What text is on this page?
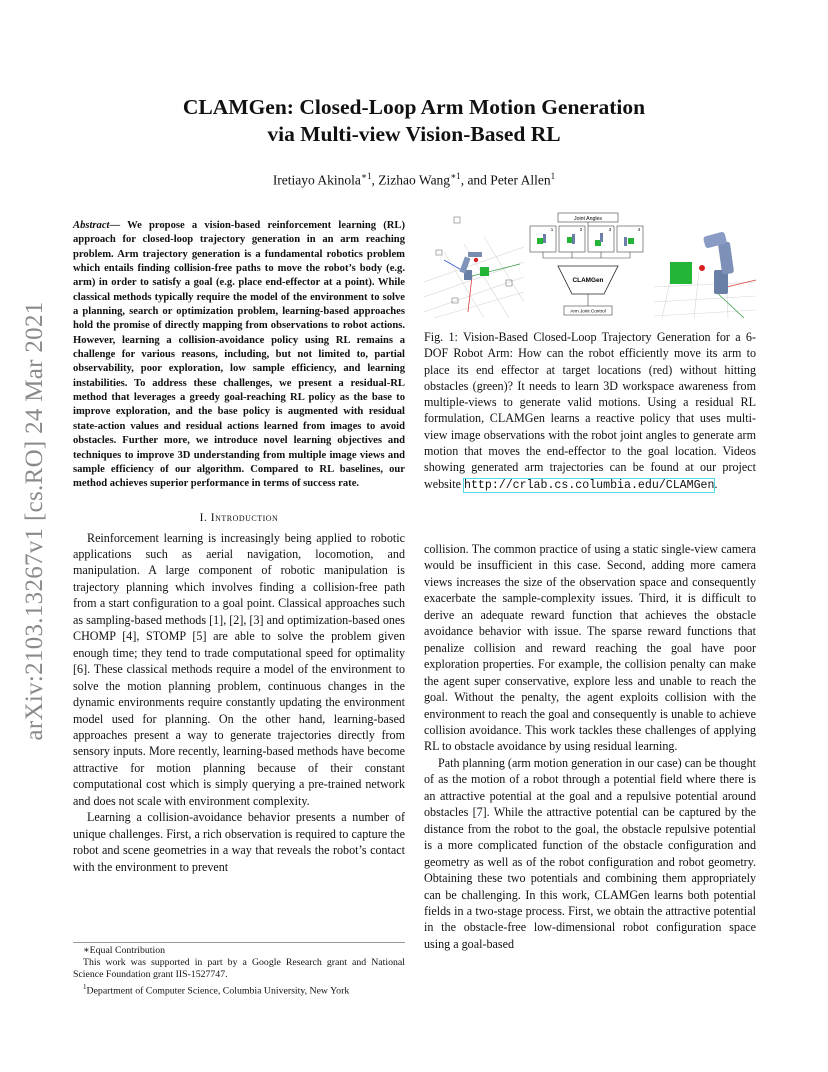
arXiv:2103.13267v1 [cs.RO] 24 Mar 2021
CLAMGen: Closed-Loop Arm Motion Generation
via Multi-view Vision-Based RL
Iretiayo Akinola$^{∗1}$, Zizhao Wang$^{∗1}$, and Peter Allen$^1$
Abstract— We propose a vision-based reinforcement learning (RL) approach for closed-loop trajectory generation in an arm reaching problem. Arm trajectory generation is a fundamental robotics problem which entails finding collision-free paths to move the robot’s body (e.g. arm) in order to satisfy a goal (e.g. place end-effector at a point). While classical methods typically require the model of the environment to solve a planning, search or optimization problem, learning-based approaches hold the promise of directly mapping from observations to robot actions. However, learning a collision-avoidance policy using RL remains a challenge for various reasons, including, but not limited to, partial observability, poor exploration, low sample efficiency, and learning instabilities. To address these challenges, we present a residual-RL method that leverages a greedy goal-reaching RL policy as the base to improve exploration, and the base policy is augmented with residual state-action values and residual actions learned from images to avoid obstacles. Further more, we introduce novel learning objectives and techniques to improve 3D understanding from multiple image views and sample efficiency of our algorithm. Compared to RL baselines, our method achieves superior performance in terms of success rate.
I. Introduction

Reinforcement learning is increasingly being applied to robotic applications such as aerial navigation, locomotion, and manipulation. A large component of robotic manipulation is trajectory planning which involves finding a collision-free path from a start configuration to a goal point. Classical approaches such as sampling-based methods [1], [2], [3] and optimization-based ones CHOMP [4], STOMP [5] are able to solve the problem given enough time; they tend to trade computational speed for optimality [6]. These classical methods require a model of the environment to solve the motion planning problem, continuous changes in the dynamic environments require constantly updating the environment model used for planning. On the other hand, learning-based approaches present a way to generate trajectories directly from sensory inputs. More recently, learning-based methods have become attractive for motion planning because of their constant computational cost which is simply querying a pre-trained network and does not scale with environment complexity.

Learning a collision-avoidance behavior presents a number of unique challenges. First, a rich observation is required to capture the robot and scene geometries in a way that reveals the robot’s contact with the environment to prevent

∗Equal Contribution

This work was supported in part by a Google Research grant and National Science Foundation grant IIS-1527747.

$^1$Department of Computer Science, Columbia University, New York

Joint Angles
1	2	3	4
CLAMGen
Arm Joint Control
Fig. 1: Vision-Based Closed-Loop Trajectory Generation for a 6-DOF Robot Arm: How can the robot efficiently move its arm to place its end effector at target locations (red) without hitting obstacles (green)? It needs to learn 3D workspace awareness from multiple-views to generate valid motions. Using a residual RL formulation, CLAMGen learns a reactive policy that uses multi-view image observations with the robot joint angles to generate arm motion that moves the end-effector to the goal location. Videos showing generated arm trajectories can be found at our project website http://crlab.cs.columbia.edu/CLAMGen.

collision. The common practice of using a static single-view camera would be insufficient in this case. Second, adding more camera views increases the size of the observation space and consequently exacerbate the sample-complexity issues. Third, it is difficult to derive an adequate reward function that achieves the obstacle avoidance behavior with issue. The sparse reward functions that penalize collision and reward reaching the goal have poor exploration properties. For example, the collision penalty can make the agent super conservative, explore less and unable to reach the goal. Without the penalty, the agent exploits collision with the environment to reach the goal and consequently is unable to achieve collision avoidance. This work tackles these challenges of applying RL to obstacle avoidance by using residual learning.

Path planning (arm motion generation in our case) can be thought of as the motion of a robot through a potential field where there is an attractive potential at the goal and a repulsive potential around obstacles [7]. While the attractive potential can be captured by the distance from the robot to the goal, the obstacle repulsive potential is a more complicated function of the obstacle configuration and geometry as well as of the robot configuration and robot geometry. Obtaining these two potentials and combining them appropriately can be challenging. In this work, CLAMGen learns both potential fields in a two-stage process. First, we obtain the attractive potential in the obstacle-free low-dimensional robot configuration space using a goal-based
